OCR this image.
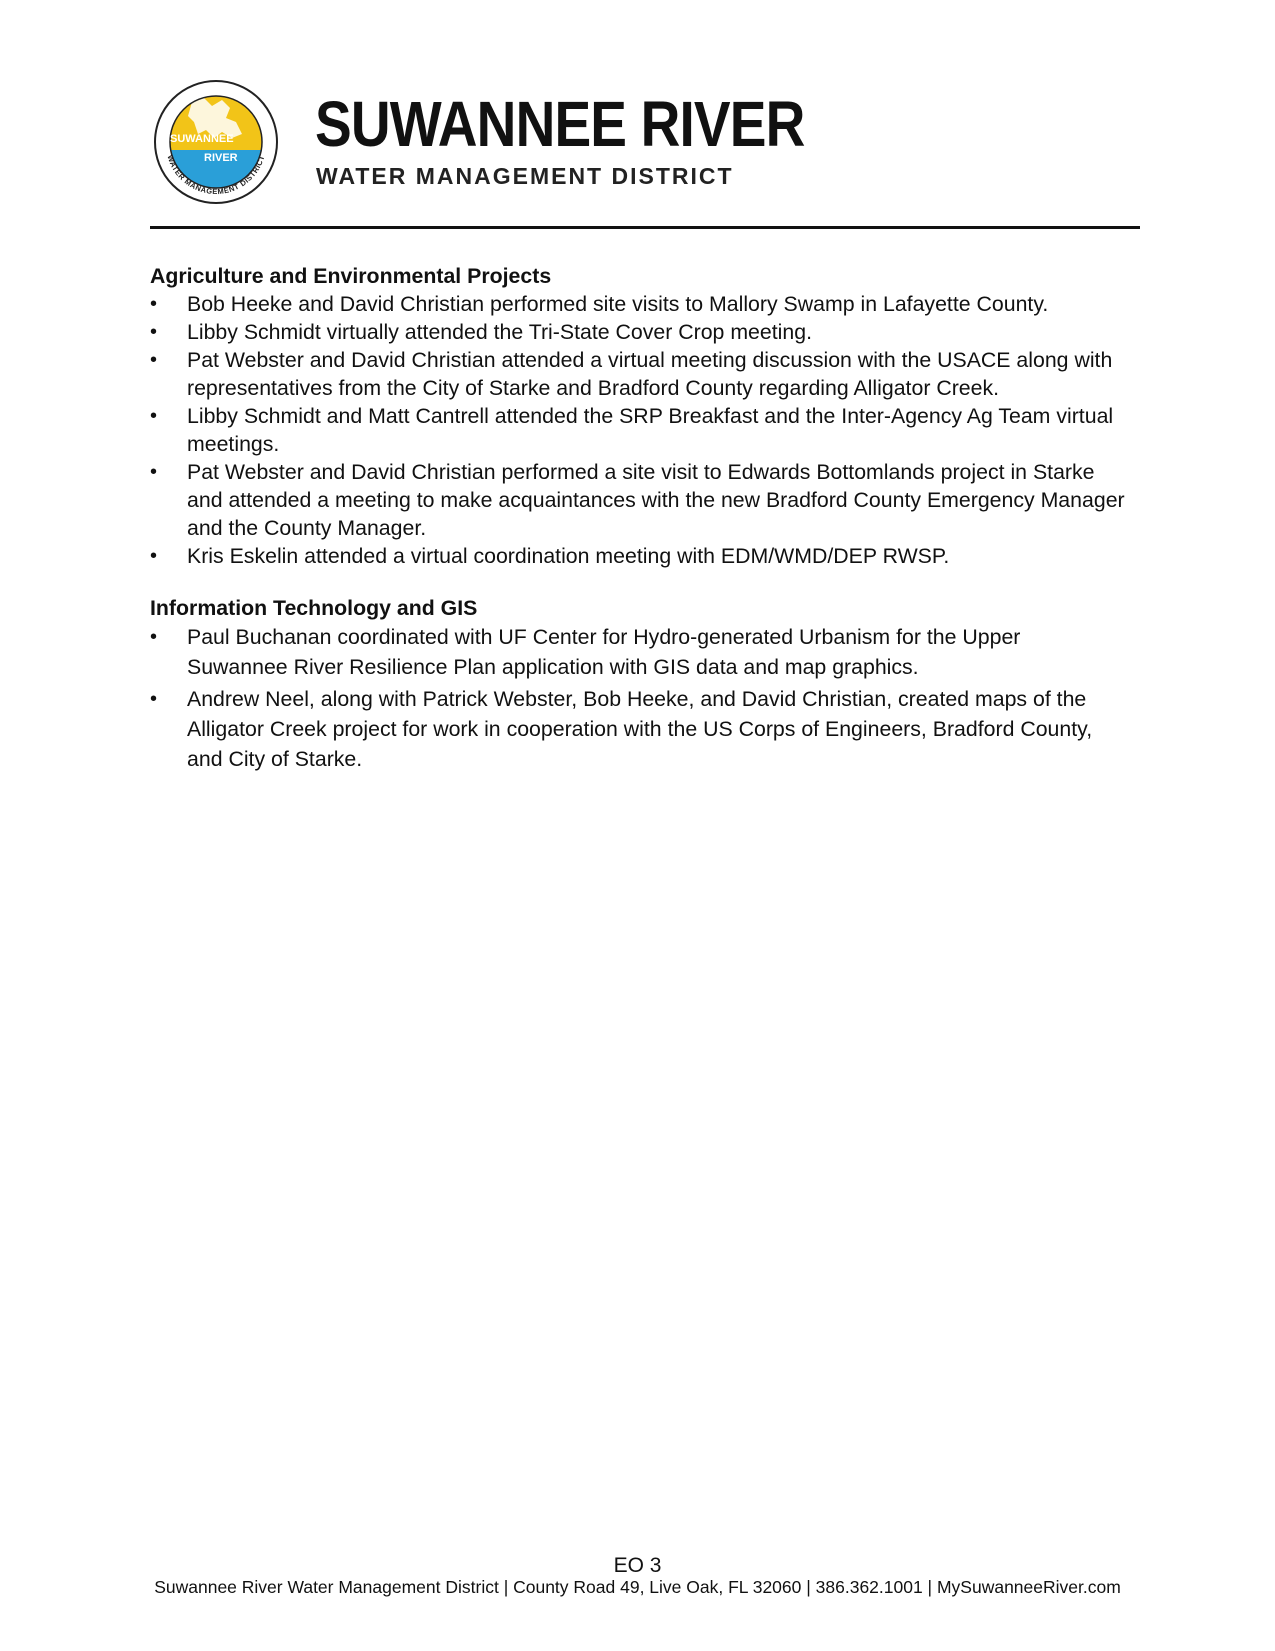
SUWANNEE
RIVER
WATER MANAGEMENT DISTRICT SUWANNEE RIVER
WATER MANAGEMENT DISTRICT

Agriculture and Environmental Projects

• Bob Heeke and David Christian performed site visits to Mallory Swamp in Lafayette County.
• Libby Schmidt virtually attended the Tri-State Cover Crop meeting.
• Pat Webster and David Christian attended a virtual meeting discussion with the USACE along with representatives from the City of Starke and Bradford County regarding Alligator Creek.
• Libby Schmidt and Matt Cantrell attended the SRP Breakfast and the Inter-Agency Ag Team virtual meetings.
• Pat Webster and David Christian performed a site visit to Edwards Bottomlands project in Starke and attended a meeting to make acquaintances with the new Bradford County Emergency Manager and the County Manager.
• Kris Eskelin attended a virtual coordination meeting with EDM/WMD/DEP RWSP.

Information Technology and GIS

• Paul Buchanan coordinated with UF Center for Hydro-generated Urbanism for the Upper Suwannee River Resilience Plan application with GIS data and map graphics.
• Andrew Neel, along with Patrick Webster, Bob Heeke, and David Christian, created maps of the Alligator Creek project for work in cooperation with the US Corps of Engineers, Bradford County, and City of Starke.
EO 3
Suwannee River Water Management District | County Road 49, Live Oak, FL 32060 | 386.362.1001 | MySuwanneeRiver.com
